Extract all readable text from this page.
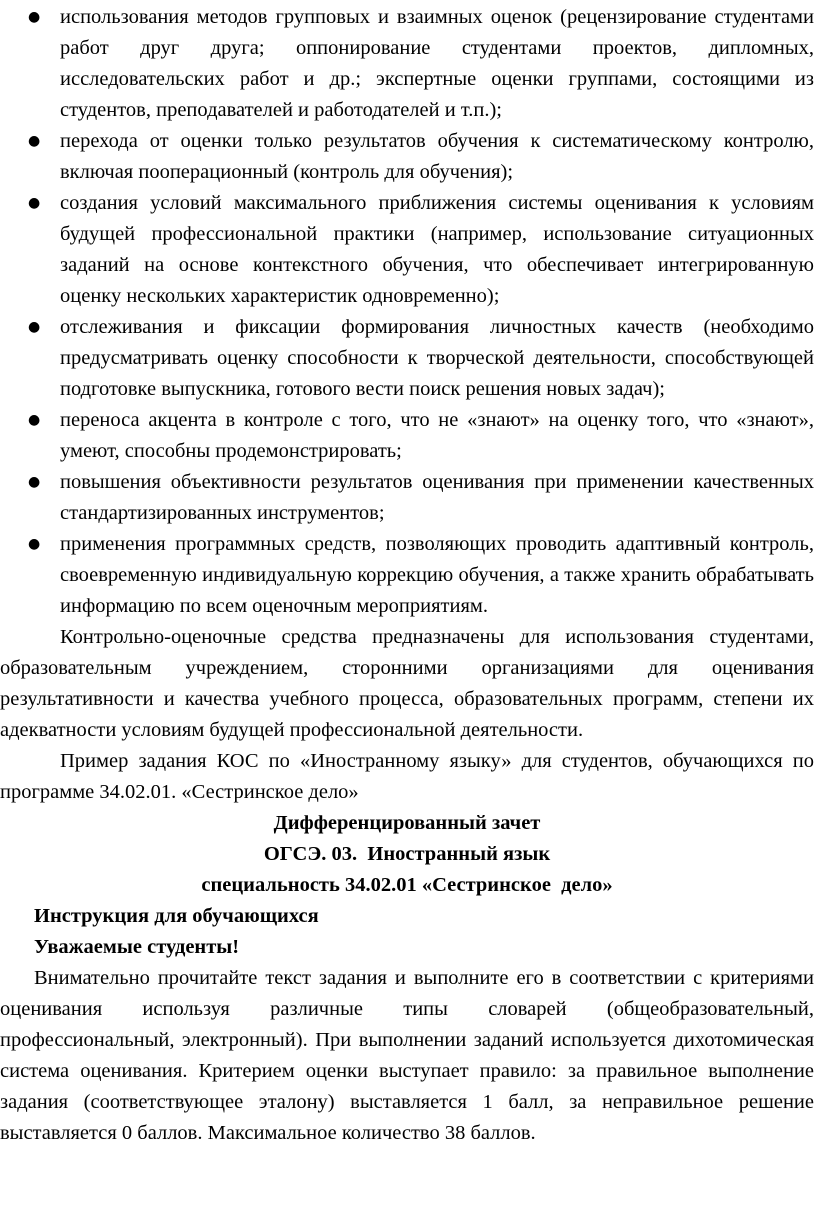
● использования методов групповых и взаимных оценок (рецензирование студентами работ друг друга; оппонирование студентами проектов, дипломных, исследовательских работ и др.; экспертные оценки группами, состоящими из студентов, преподавателей и работодателей и т.п.);
● перехода от оценки только результатов обучения к систематическому контролю, включая пооперационный (контроль для обучения);
● создания условий максимального приближения системы оценивания к условиям будущей профессиональной практики (например, использование ситуационных заданий на основе контекстного обучения, что обеспечивает интегрированную оценку нескольких характеристик одновременно);
● отслеживания и фиксации формирования личностных качеств (необходимо предусматривать оценку способности к творческой деятельности, способствующей подготовке выпускника, готового вести поиск решения новых задач);
● переноса акцента в контроле с того, что не «знают» на оценку того, что «знают», умеют, способны продемонстрировать;
● повышения объективности результатов оценивания при применении качественных стандартизированных инструментов;
● применения программных средств, позволяющих проводить адаптивный контроль, своевременную индивидуальную коррекцию обучения, а также хранить обрабатывать информацию по всем оценочным мероприятиям.

Контрольно-оценочные средства предназначены для использования студентами, образовательным учреждением, сторонними организациями для оценивания результативности и качества учебного процесса, образовательных программ, степени их адекватности условиям будущей профессиональной деятельности.

Пример задания КОС по «Иностранному языку» для студентов, обучающихся по программе 34.02.01. «Сестринское дело»

Дифференцированный зачет

ОГСЭ. 03.  Иностранный язык

специальность 34.02.01 «Сестринское  дело»

Инструкция для обучающихся

Уважаемые студенты!

Внимательно прочитайте текст задания и выполните его в соответствии с критериями оценивания используя различные типы словарей (общеобразовательный, профессиональный, электронный). При выполнении заданий используется дихотомическая система оценивания. Критерием оценки выступает правило: за правильное выполнение задания (соответствующее эталону) выставляется 1 балл, за неправильное решение выставляется 0 баллов. Максимальное количество 38 баллов.
